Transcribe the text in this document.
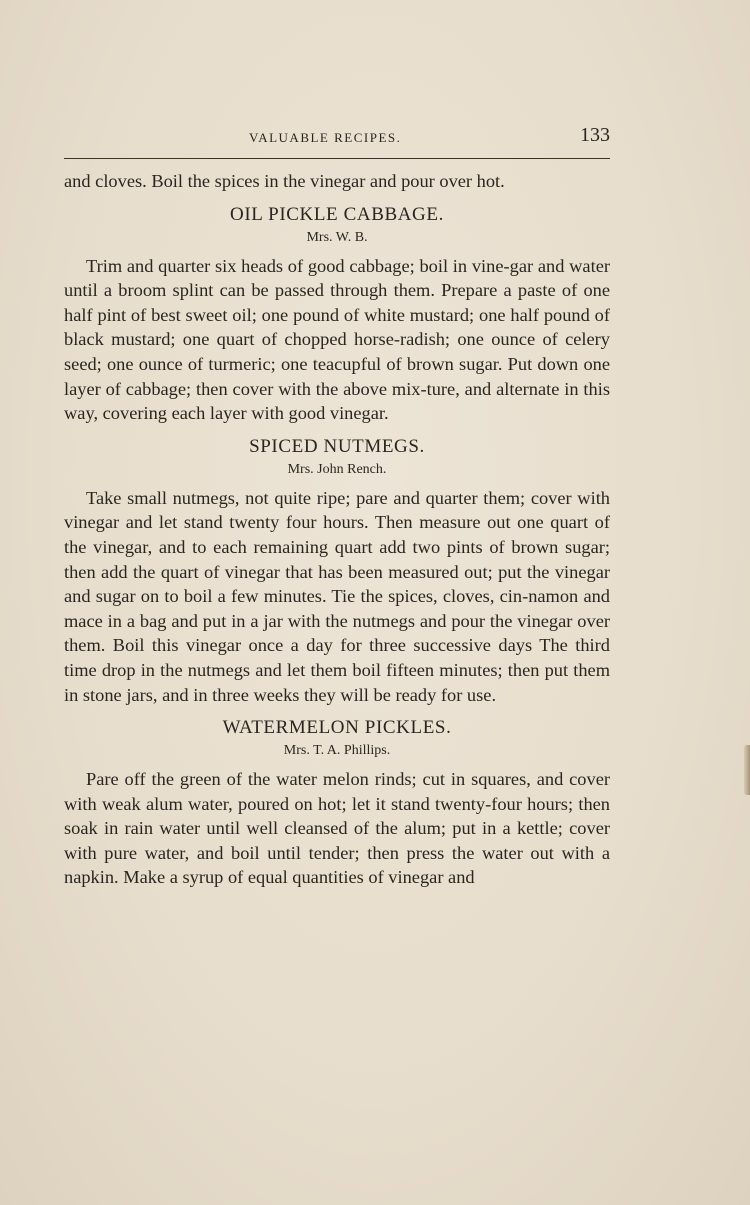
VALUABLE RECIPES.	133

and cloves. Boil the spices in the vinegar and pour over hot.

OIL PICKLE CABBAGE.
Mrs. W. B.

Trim and quarter six heads of good cabbage; boil in vine-gar and water until a broom splint can be passed through them. Prepare a paste of one half pint of best sweet oil; one pound of white mustard; one half pound of black mustard; one quart of chopped horse-radish; one ounce of celery seed; one ounce of turmeric; one teacupful of brown sugar. Put down one layer of cabbage; then cover with the above mix-ture, and alternate in this way, covering each layer with good vinegar.

SPICED NUTMEGS.
Mrs. John Rench.

Take small nutmegs, not quite ripe; pare and quarter them; cover with vinegar and let stand twenty four hours. Then measure out one quart of the vinegar, and to each remaining quart add two pints of brown sugar; then add the quart of vinegar that has been measured out; put the vinegar and sugar on to boil a few minutes. Tie the spices, cloves, cin-namon and mace in a bag and put in a jar with the nutmegs and pour the vinegar over them. Boil this vinegar once a day for three successive days The third time drop in the nutmegs and let them boil fifteen minutes; then put them in stone jars, and in three weeks they will be ready for use.

WATERMELON PICKLES.
Mrs. T. A. Phillips.

Pare off the green of the water melon rinds; cut in squares, and cover with weak alum water, poured on hot; let it stand twenty-four hours; then soak in rain water until well cleansed of the alum; put in a kettle; cover with pure water, and boil until tender; then press the water out with a napkin. Make a syrup of equal quantities of vinegar and
